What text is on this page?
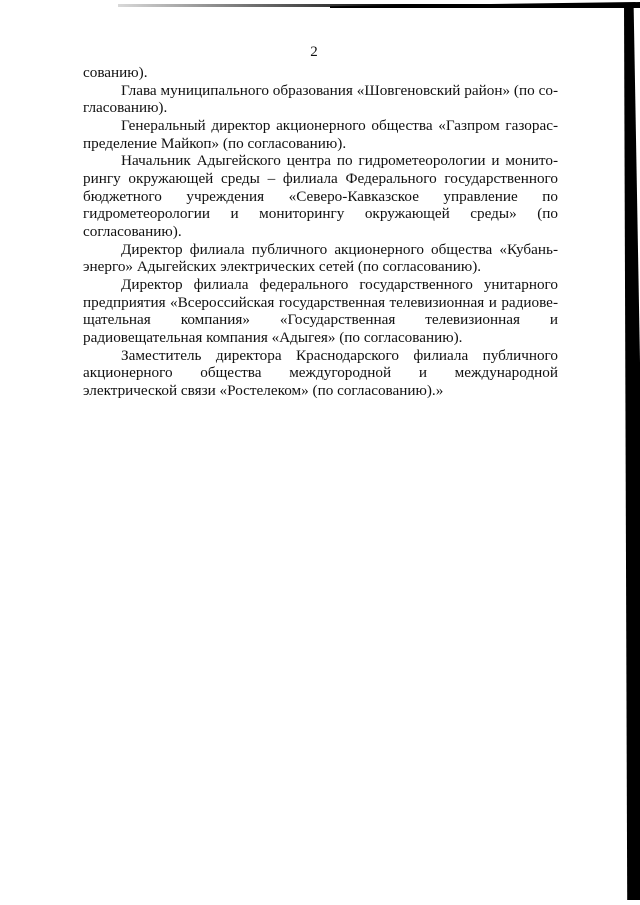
2

сованию).

Глава муниципального образования «Шовгеновский район» (по согласованию).

Генеральный директор акционерного общества «Газпром газораспределение Майкоп» (по согласованию).

Начальник Адыгейского центра по гидрометеорологии и мониторингу окружающей среды – филиала Федерального государственного бюджетного учреждения «Северо-Кавказское управление по гидрометеорологии и мониторингу окружающей среды» (по согласованию).

Директор филиала публичного акционерного общества «Кубаньэнерго» Адыгейских электрических сетей (по согласованию).

Директор филиала федерального государственного унитарного предприятия «Всероссийская государственная телевизионная и радиовещательная компания» «Государственная телевизионная и радиовещательная компания «Адыгея» (по согласованию).

Заместитель директора Краснодарского филиала публичного акционерного общества междугородной и международной электрической связи «Ростелеком» (по согласованию).»
